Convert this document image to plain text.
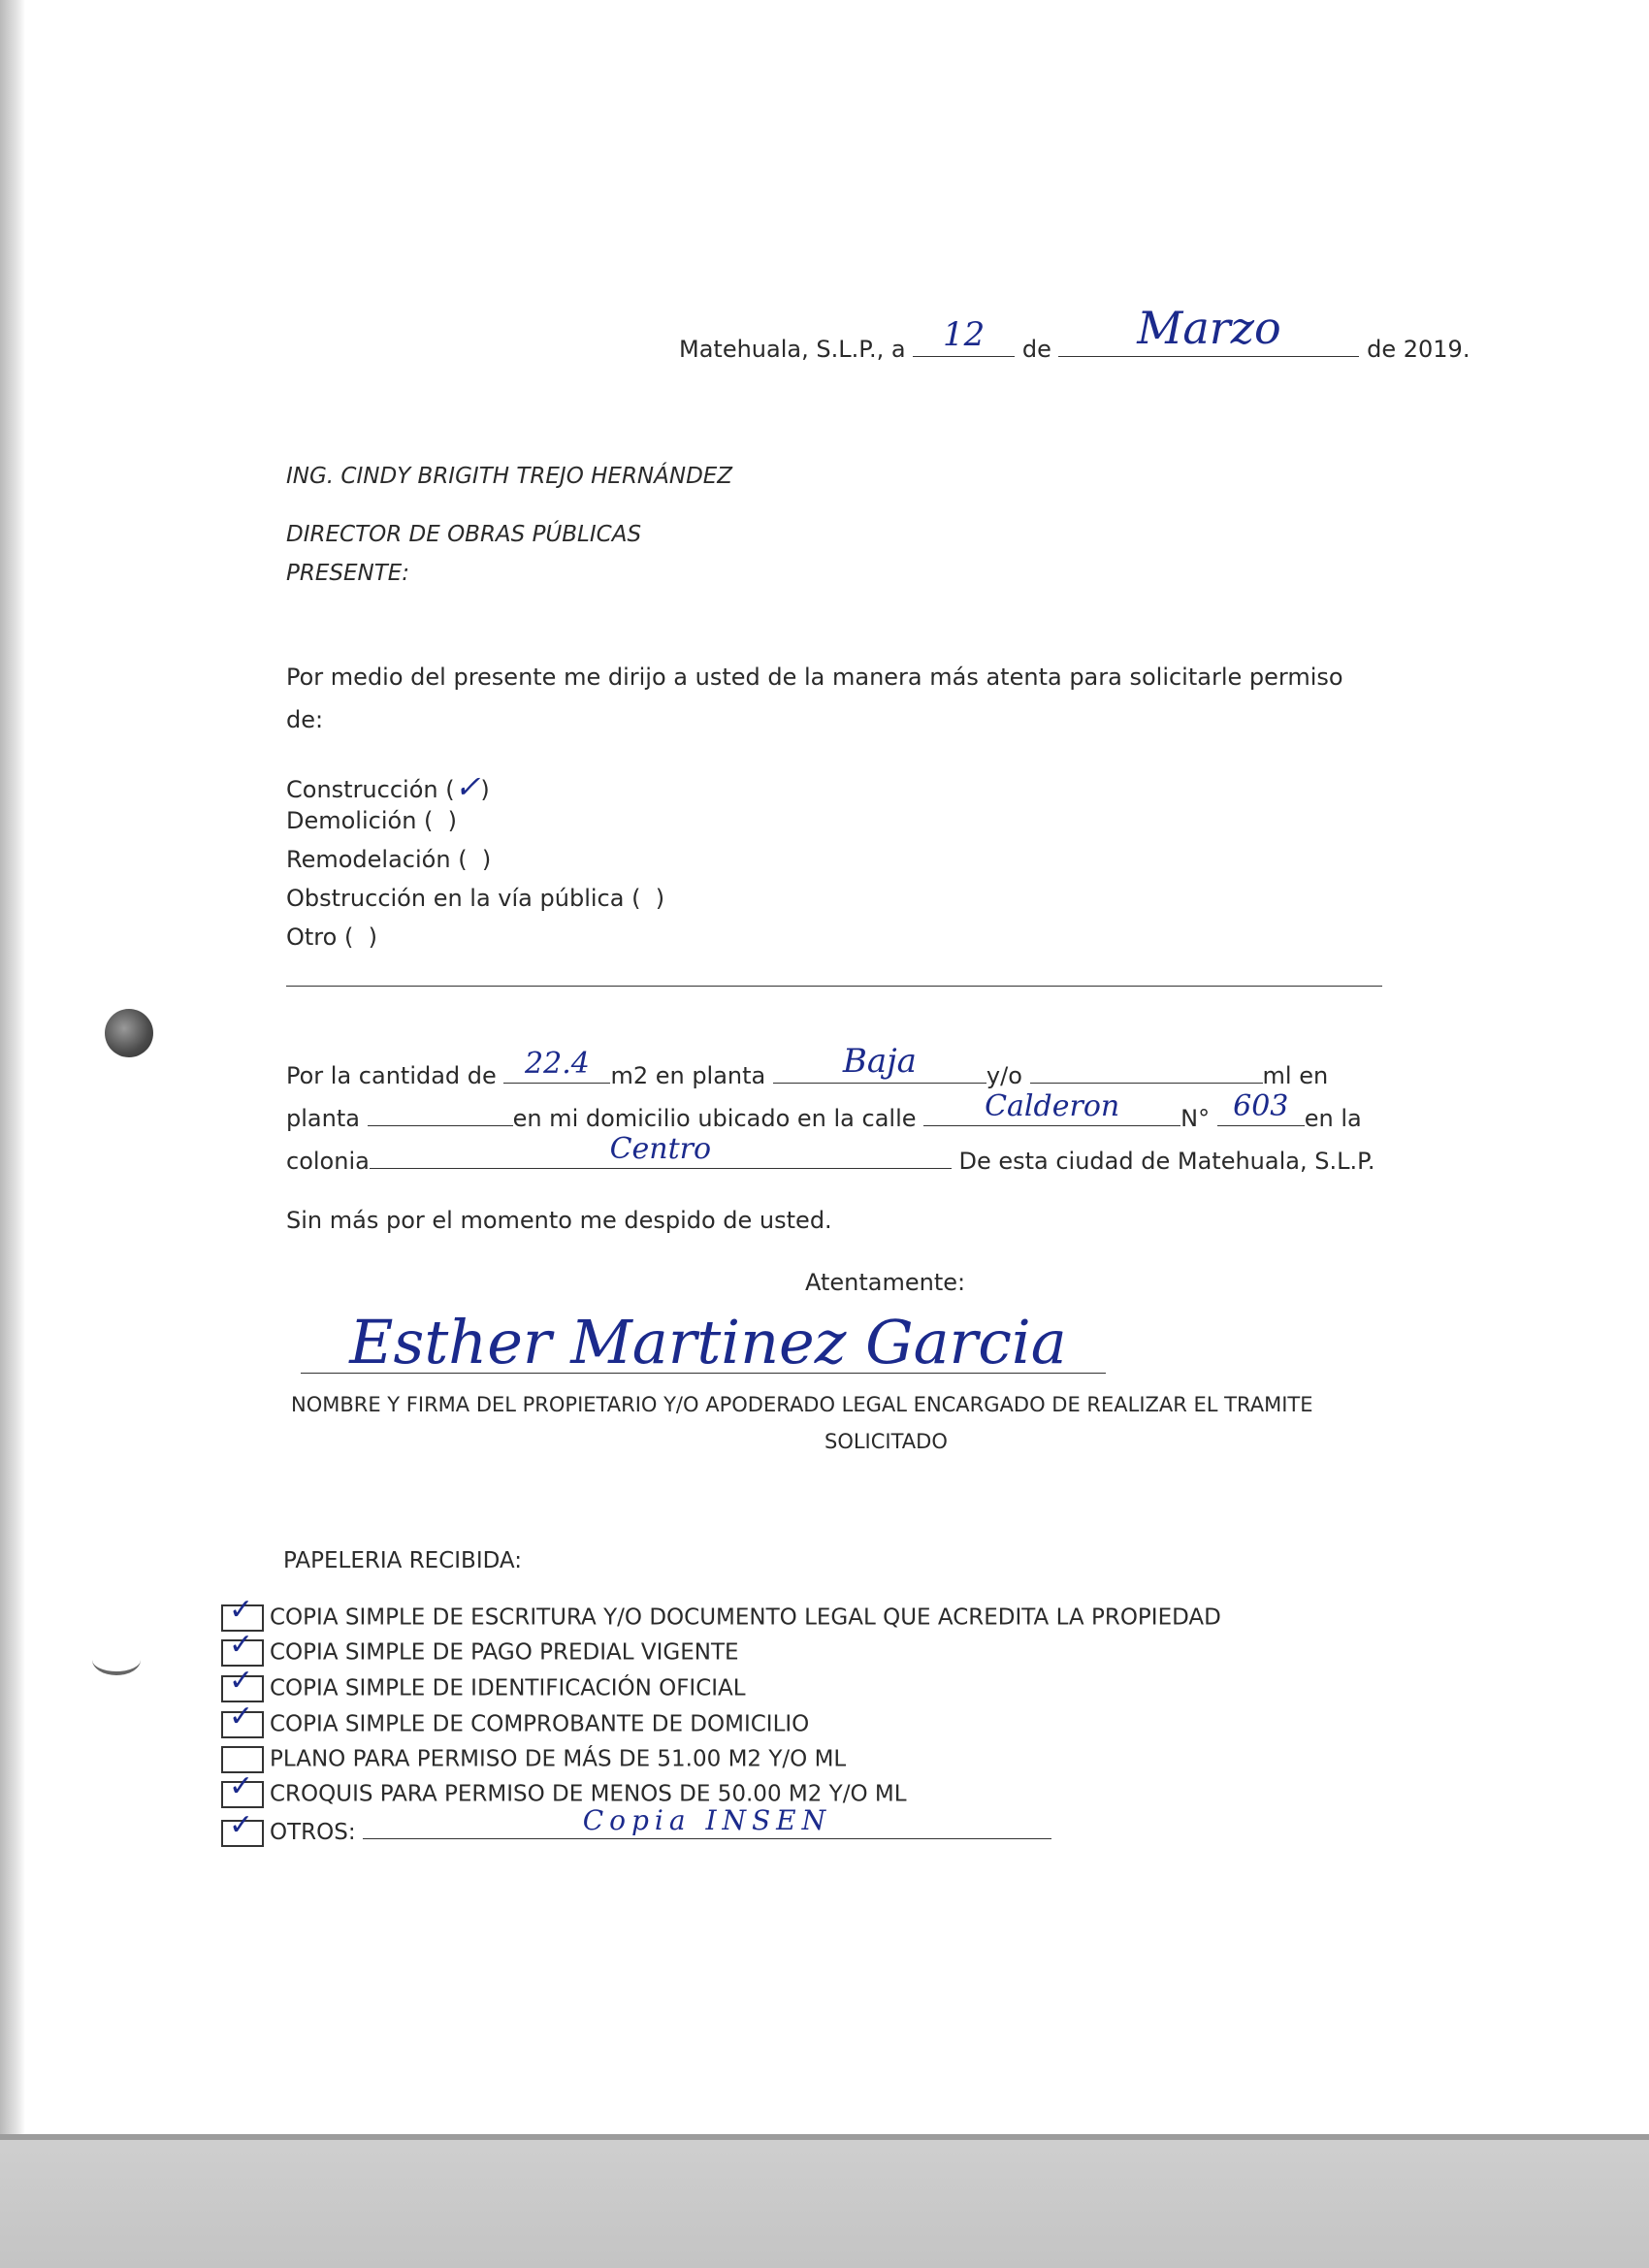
Matehuala, S.L.P., a	12	de	Marzo	de 2019.
ING. CINDY BRIGITH TREJO HERNÁNDEZ
DIRECTOR DE OBRAS PÚBLICAS
PRESENTE:
Por medio del presente me dirijo a usted de la manera más atenta para solicitarle permiso
de:
Construcción (✓)
Demolición ( )
Remodelación ( )
Obstrucción en la vía pública ( )
Otro ( )
Por la cantidad de 22.4 m2 en planta	Baja	y/o	ml en
planta	en mi domicilio ubicado en la calle	Calderon	N° 603 en la
colonia	Centro	De esta ciudad de Matehuala, S.L.P.
Sin más por el momento me despido de usted.
Atentamente:
Esther Martinez Garcia
NOMBRE Y FIRMA DEL PROPIETARIO Y/O APODERADO LEGAL ENCARGADO DE REALIZAR EL TRAMITE
SOLICITADO
PAPELERIA RECIBIDA:
✓ COPIA SIMPLE DE ESCRITURA Y/O DOCUMENTO LEGAL QUE ACREDITA LA PROPIEDAD
✓ COPIA SIMPLE DE PAGO PREDIAL VIGENTE
✓ COPIA SIMPLE DE IDENTIFICACIÓN OFICIAL
✓ COPIA SIMPLE DE COMPROBANTE DE DOMICILIO
PLANO PARA PERMISO DE MÁS DE 51.00 M2 Y/O ML
✓ CROQUIS PARA PERMISO DE MENOS DE 50.00 M2 Y/O ML
✓ OTROS:	Copia INSEN
